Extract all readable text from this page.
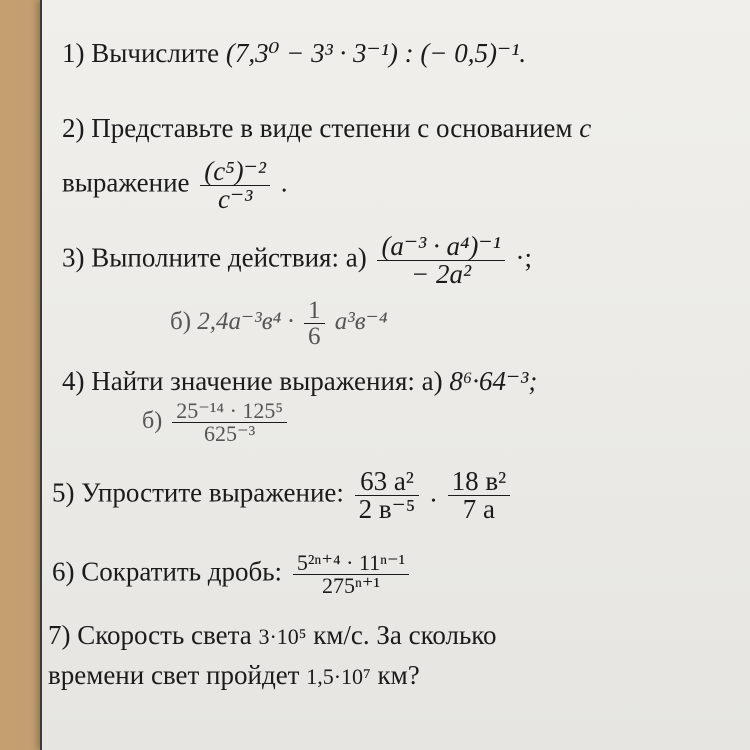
1) Вычислите (7,3⁰ − 3³ · 3⁻¹) : (− 0,5)⁻¹.
2) Представьте в виде степени с основанием c
выражение $\frac{\text{(c⁵)⁻²}}{\text{c⁻³}}$ .
3) Выполните действия: $а) \frac{\text{(a⁻³ · a⁴)⁻¹}}{\text{− 2a²}}$ ·;
б) $2,4a^{-3}в^4 \cdot \frac{1}{6} a^3в^{-4}$
4) Найти значение выражения: а) 8⁶·64⁻³;
$б) \frac{\text{25⁻¹⁴ · 125⁵}}{\text{625⁻³}}$
5) Упростите выражение: $\frac{\text{63 a²}}{\text{2 в⁻⁵}}$ . $\frac{\text{18 в²}}{7 а}$
6) Сократить дробь: $\frac{\text{5²ⁿ⁺⁴ · 11ⁿ⁻¹}}{\text{275ⁿ⁺¹}}$
7) Скорость света 3·10⁵ км/с. За сколько
времени свет пройдет 1,5·10⁷ км?
